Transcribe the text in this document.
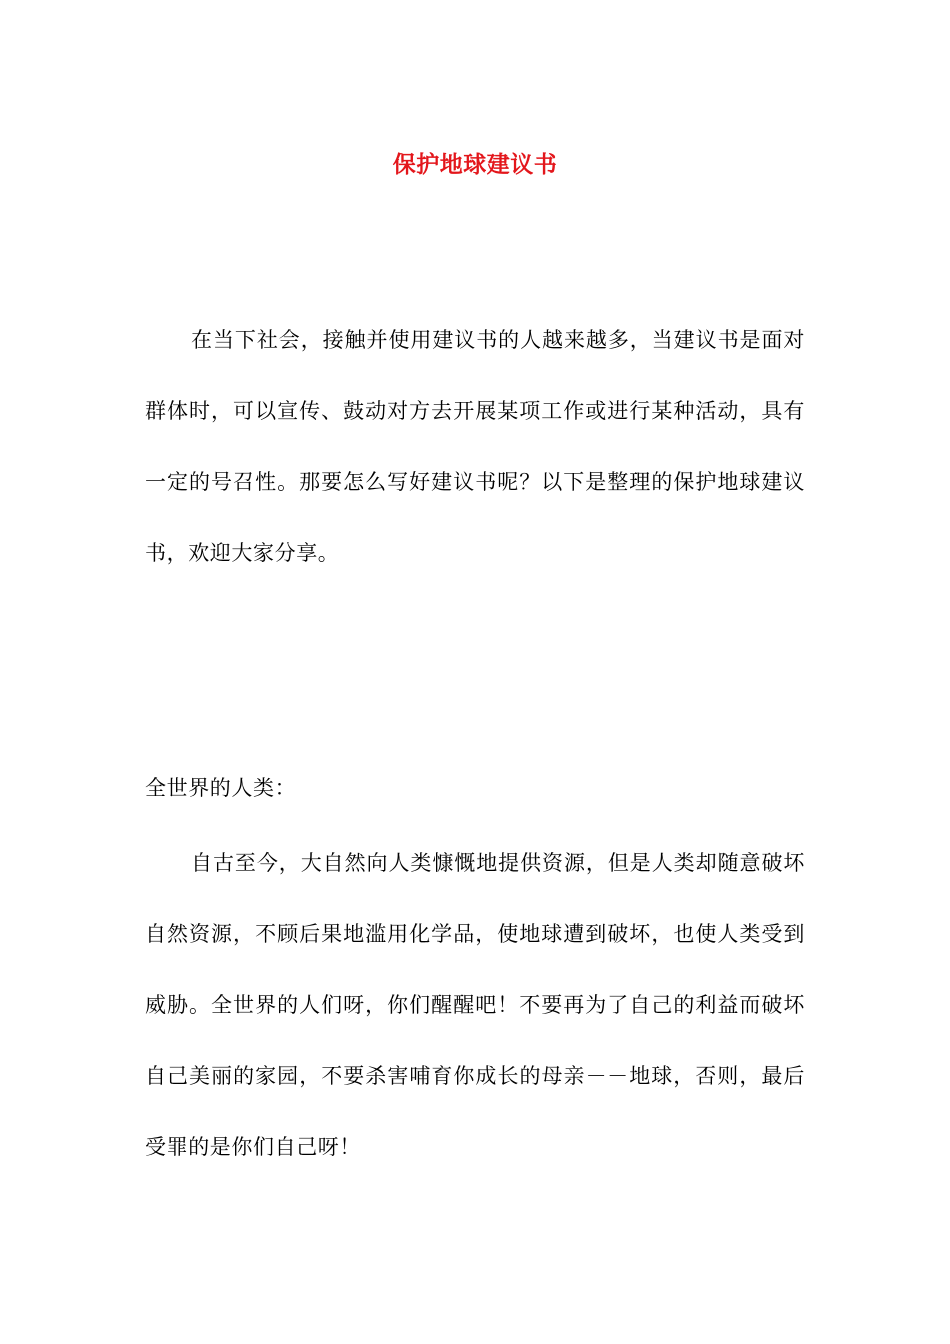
保护地球建议书

在当下社会，接触并使用建议书的人越来越多，当建议书是面对群体时，可以宣传、鼓动对方去开展某项工作或进行某种活动，具有一定的号召性。那要怎么写好建议书呢？以下是整理的保护地球建议书，欢迎大家分享。

全世界的人类：

自古至今，大自然向人类慷慨地提供资源，但是人类却随意破坏自然资源，不顾后果地滥用化学品，使地球遭到破坏，也使人类受到威胁。全世界的人们呀，你们醒醒吧！不要再为了自己的利益而破坏自己美丽的家园，不要杀害哺育你成长的母亲－－地球，否则，最后受罪的是你们自己呀！
